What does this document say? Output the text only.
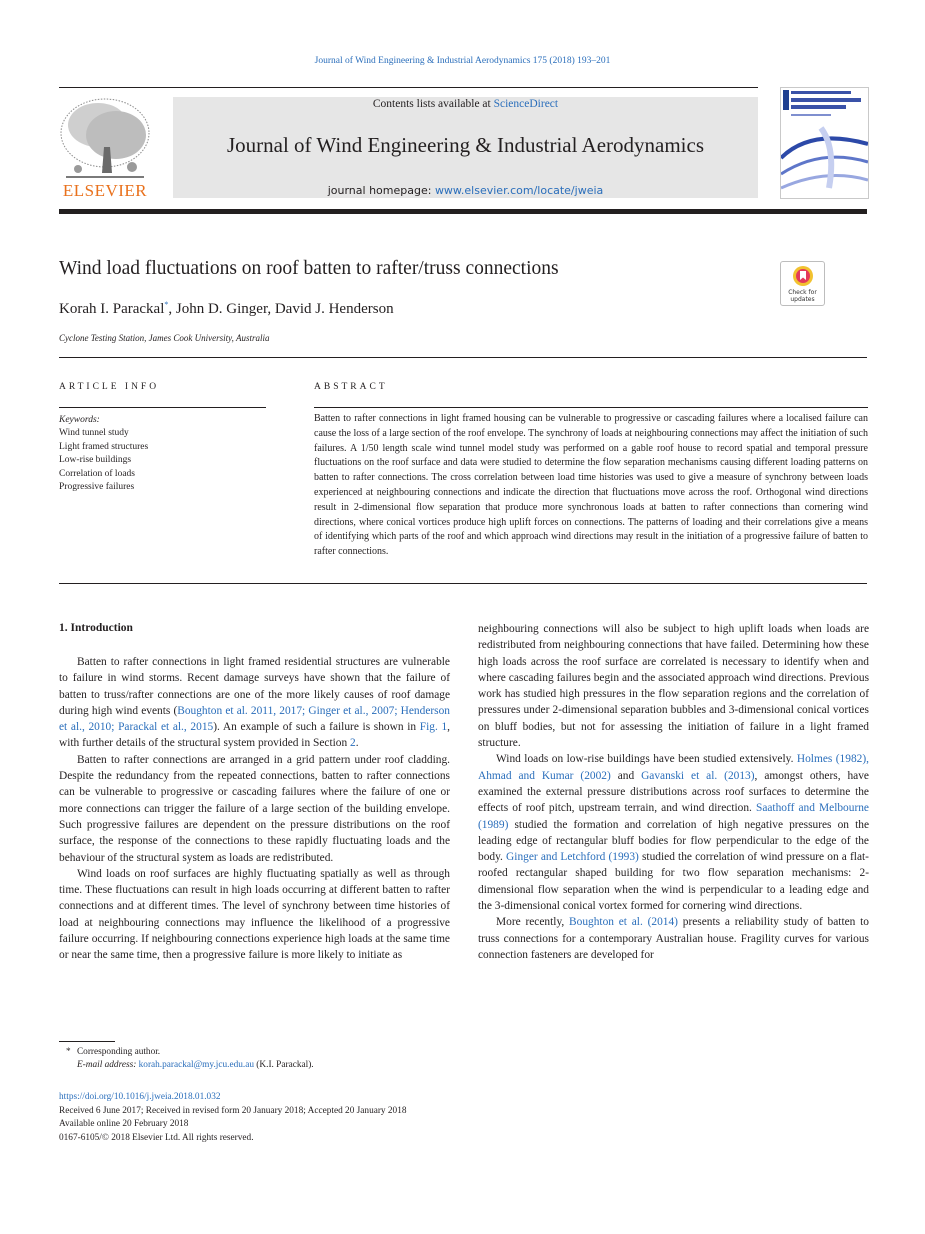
Journal of Wind Engineering & Industrial Aerodynamics 175 (2018) 193–201
ELSEVIER
Contents lists available at ScienceDirect
Journal of Wind Engineering & Industrial Aerodynamics
journal homepage: www.elsevier.com/locate/jweia
Wind load fluctuations on roof batten to rafter/truss connections
Check for updates
Korah I. Parackal*, John D. Ginger, David J. Henderson
Cyclone Testing Station, James Cook University, Australia
ARTICLE INFO
Keywords:
Wind tunnel study
Light framed structures
Low-rise buildings
Correlation of loads
Progressive failures
ABSTRACT
Batten to rafter connections in light framed housing can be vulnerable to progressive or cascading failures where a localised failure can cause the loss of a large section of the roof envelope. The synchrony of loads at neighbouring connections may affect the initiation of such failures. A 1/50 length scale wind tunnel model study was performed on a gable roof house to record spatial and temporal pressure fluctuations on the roof surface and data were studied to determine the flow separation mechanisms causing different loading patterns on batten to rafter connections. The cross correlation between load time histories was used to give a measure of synchrony between loads experienced at neighbouring connections and indicate the direction that fluctuations move across the roof. Orthogonal wind directions result in 2-dimensional flow separation that produce more synchronous loads at batten to rafter connections than cornering wind directions, where conical vortices produce high uplift forces on connections. The patterns of loading and their correlations give a means of identifying which parts of the roof and which approach wind directions may result in the initiation of a progressive failure of batten to rafter connections.
1. Introduction

Batten to rafter connections in light framed residential structures are vulnerable to failure in wind storms. Recent damage surveys have shown that the failure of batten to truss/rafter connections are one of the more likely causes of roof damage during high wind events (Boughton et al. 2011, 2017; Ginger et al., 2007; Henderson et al., 2010; Parackal et al., 2015). An example of such a failure is shown in Fig. 1, with further details of the structural system provided in Section 2.

Batten to rafter connections are arranged in a grid pattern under roof cladding. Despite the redundancy from the repeated connections, batten to rafter connections can be vulnerable to progressive or cascading failures where the failure of one or more connections can trigger the failure of a large section of the building envelope. Such progressive failures are dependent on the pressure distributions on the roof surface, the response of the connections to these rapidly fluctuating loads and the behaviour of the structural system as loads are redistributed.

Wind loads on roof surfaces are highly fluctuating spatially as well as through time. These fluctuations can result in high loads occurring at different batten to rafter connections and at different times. The level of synchrony between time histories of load at neighbouring connections may influence the likelihood of a progressive failure occurring. If neighbouring connections experience high loads at the same time or near the same time, then a progressive failure is more likely to initiate as

neighbouring connections will also be subject to high uplift loads when loads are redistributed from neighbouring connections that have failed. Determining how these high loads across the roof surface are correlated is necessary to identify when and where cascading failures begin and the associated approach wind directions. Previous work has studied high pressures in the flow separation regions and the correlation of pressures under 2-dimensional separation bubbles and 3-dimensional conical vortices on bluff bodies, but not for assessing the initiation of failure in a light framed structure.

Wind loads on low-rise buildings have been studied extensively. Holmes (1982), Ahmad and Kumar (2002) and Gavanski et al. (2013), amongst others, have examined the external pressure distributions across roof surfaces to determine the effects of roof pitch, upstream terrain, and wind direction. Saathoff and Melbourne (1989) studied the formation and correlation of high negative pressures on the leading edge of rectangular bluff bodies for flow perpendicular to the edge of the body. Ginger and Letchford (1993) studied the correlation of wind pressure on a flat-roofed rectangular shaped building for two flow separation mechanisms: 2-dimensional flow separation when the wind is perpendicular to a leading edge and the 3-dimensional conical vortex formed for cornering wind directions.

More recently, Boughton et al. (2014) presents a reliability study of batten to truss connections for a contemporary Australian house. Fragility curves for various connection fasteners are developed for

* Corresponding author.
E-mail address: korah.parackal@my.jcu.edu.au (K.I. Parackal).
https://doi.org/10.1016/j.jweia.2018.01.032
Received 6 June 2017; Received in revised form 20 January 2018; Accepted 20 January 2018
Available online 20 February 2018
0167-6105/© 2018 Elsevier Ltd. All rights reserved.
